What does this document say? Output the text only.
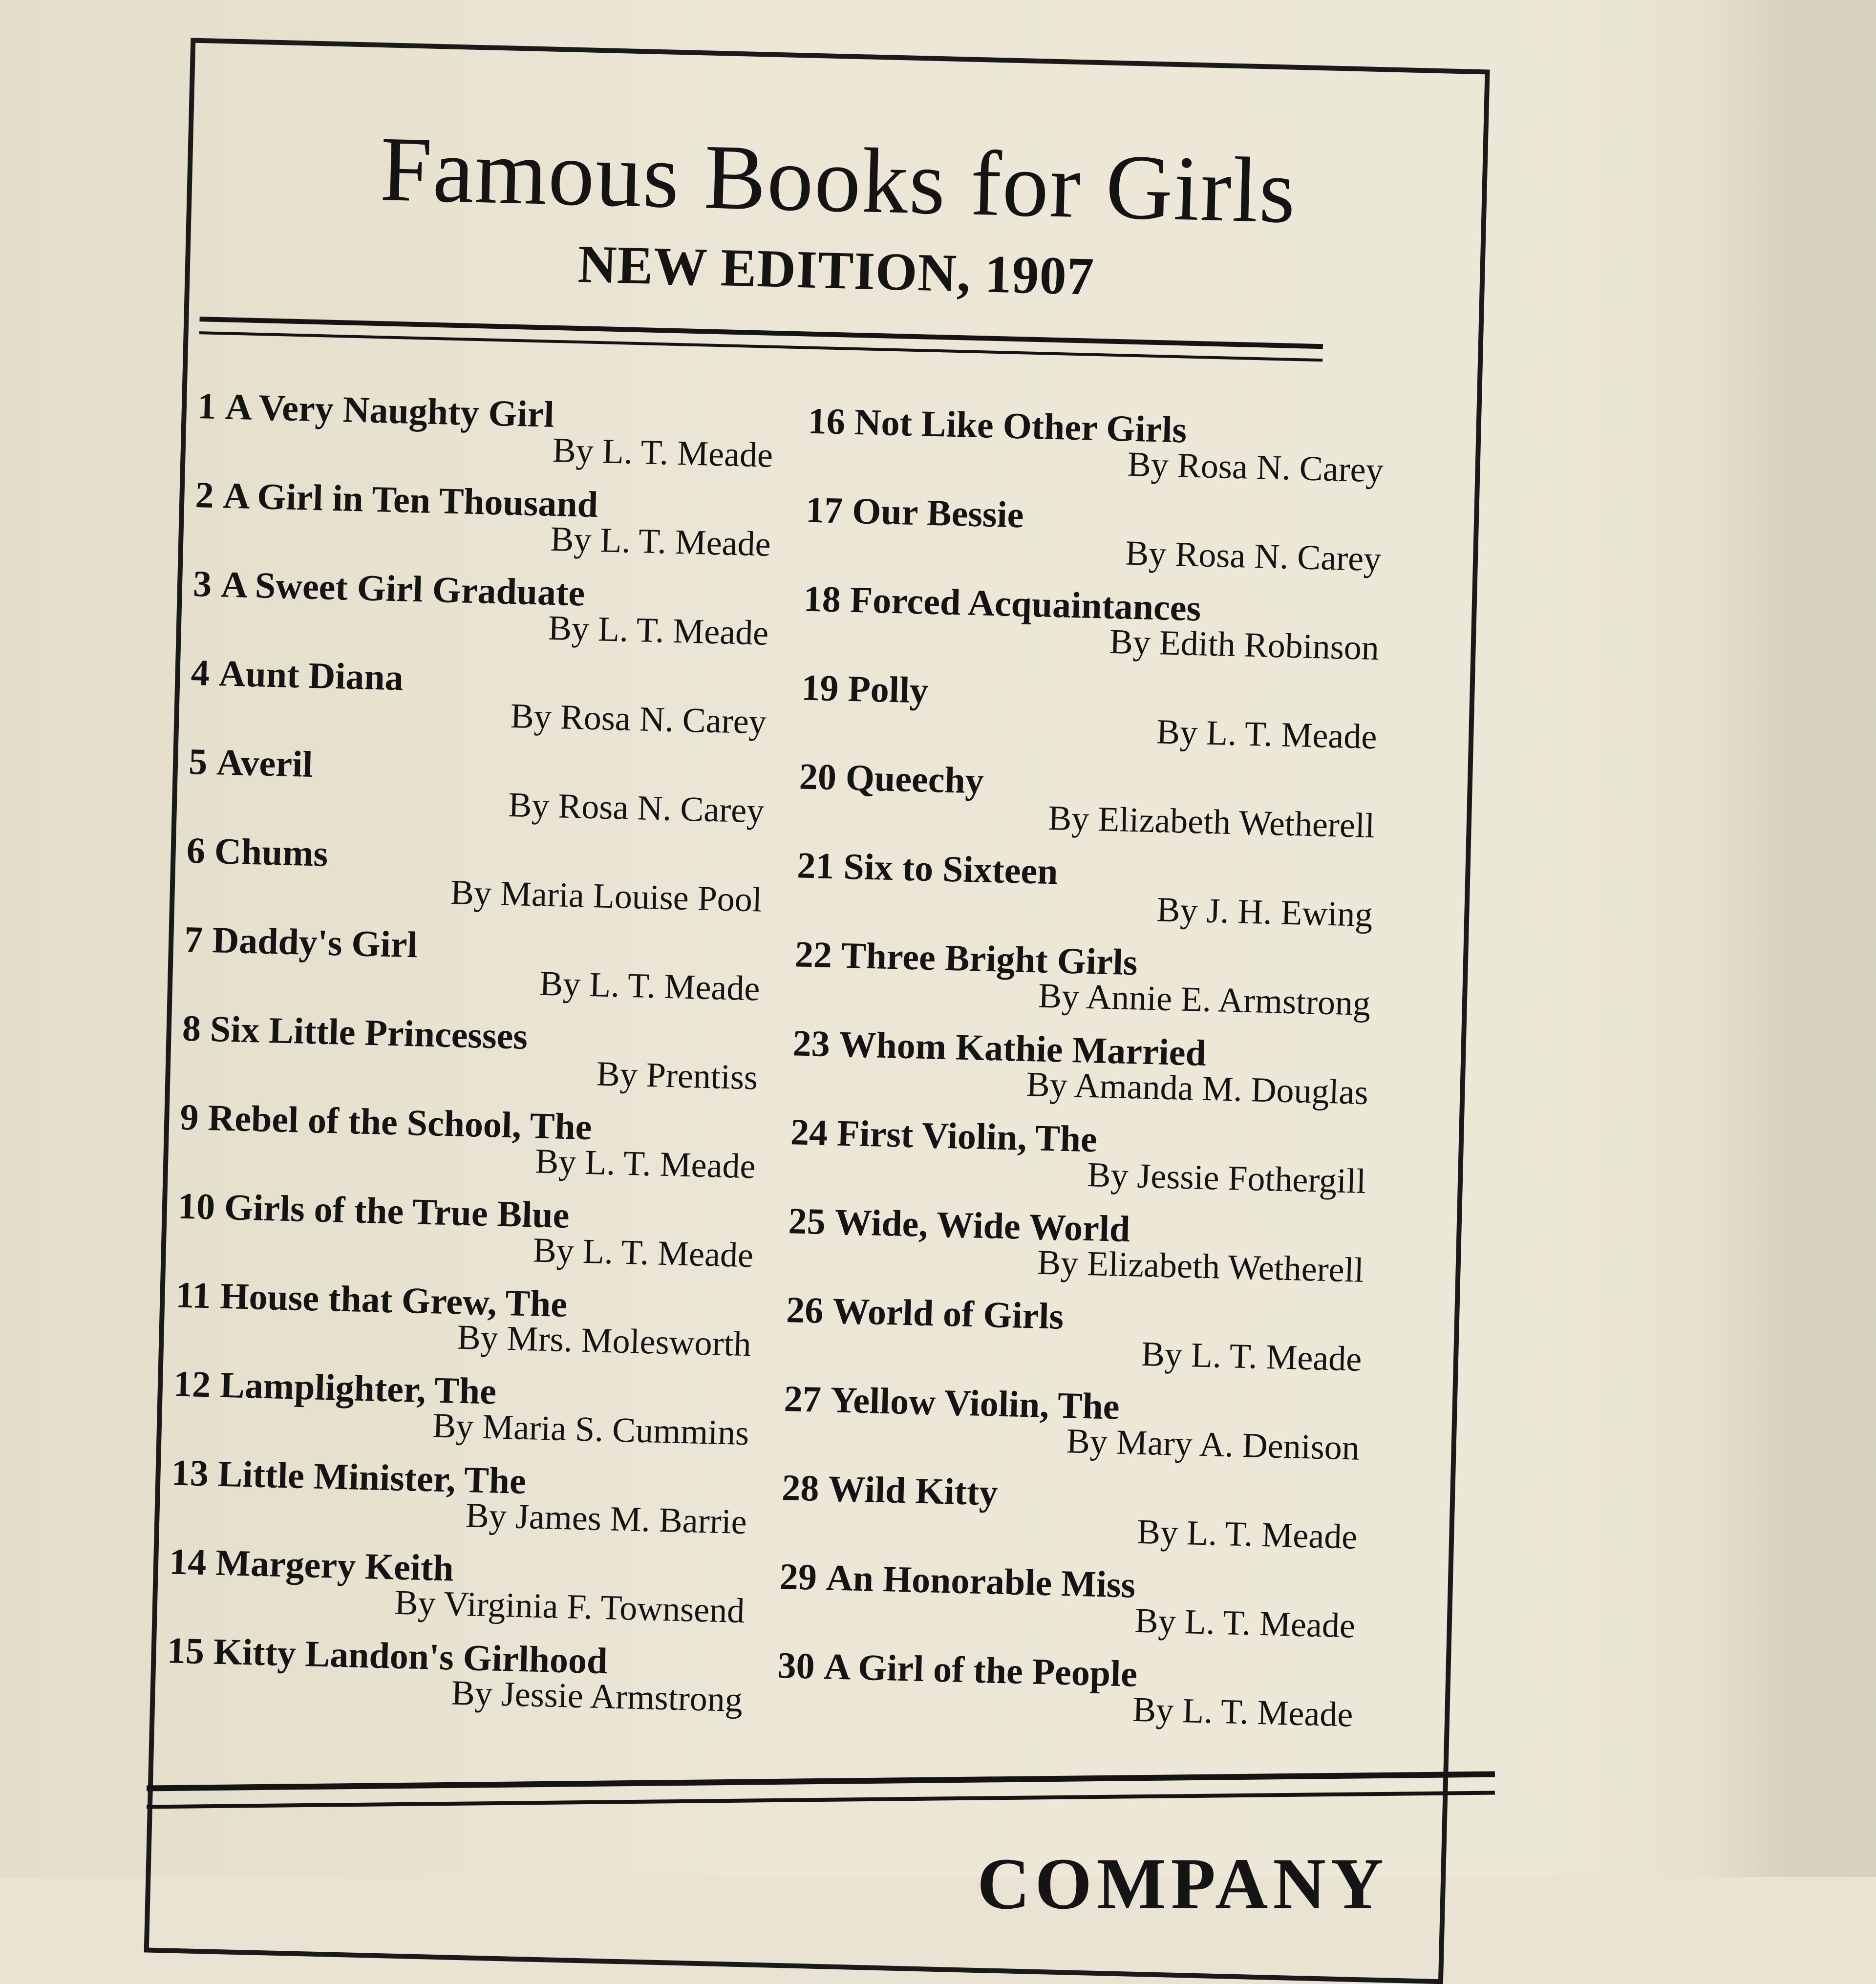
Famous Books for Girls
NEW EDITION, 1907
1 A Very Naughty Girl
By L. T. Meade
2 A Girl in Ten Thousand
By L. T. Meade
3 A Sweet Girl Graduate
By L. T. Meade
4 Aunt Diana
By Rosa N. Carey
5 Averil
By Rosa N. Carey
6 Chums
By Maria Louise Pool
7 Daddy's Girl
By L. T. Meade
8 Six Little Princesses
By Prentiss
9 Rebel of the School, The
By L. T. Meade
10 Girls of the True Blue
By L. T. Meade
11 House that Grew, The
By Mrs. Molesworth
12 Lamplighter, The
By Maria S. Cummins
13 Little Minister, The
By James M. Barrie
14 Margery Keith
By Virginia F. Townsend
15 Kitty Landon's Girlhood
By Jessie Armstrong
16 Not Like Other Girls
By Rosa N. Carey
17 Our Bessie
By Rosa N. Carey
18 Forced Acquaintances
By Edith Robinson
19 Polly
By L. T. Meade
20 Queechy
By Elizabeth Wetherell
21 Six to Sixteen
By J. H. Ewing
22 Three Bright Girls
By Annie E. Armstrong
23 Whom Kathie Married
By Amanda M. Douglas
24 First Violin, The
By Jessie Fothergill
25 Wide, Wide World
By Elizabeth Wetherell
26 World of Girls
By L. T. Meade
27 Yellow Violin, The
By Mary A. Denison
28 Wild Kitty
By L. T. Meade
29 An Honorable Miss
By L. T. Meade
30 A Girl of the People
By L. T. Meade
COMPANY
